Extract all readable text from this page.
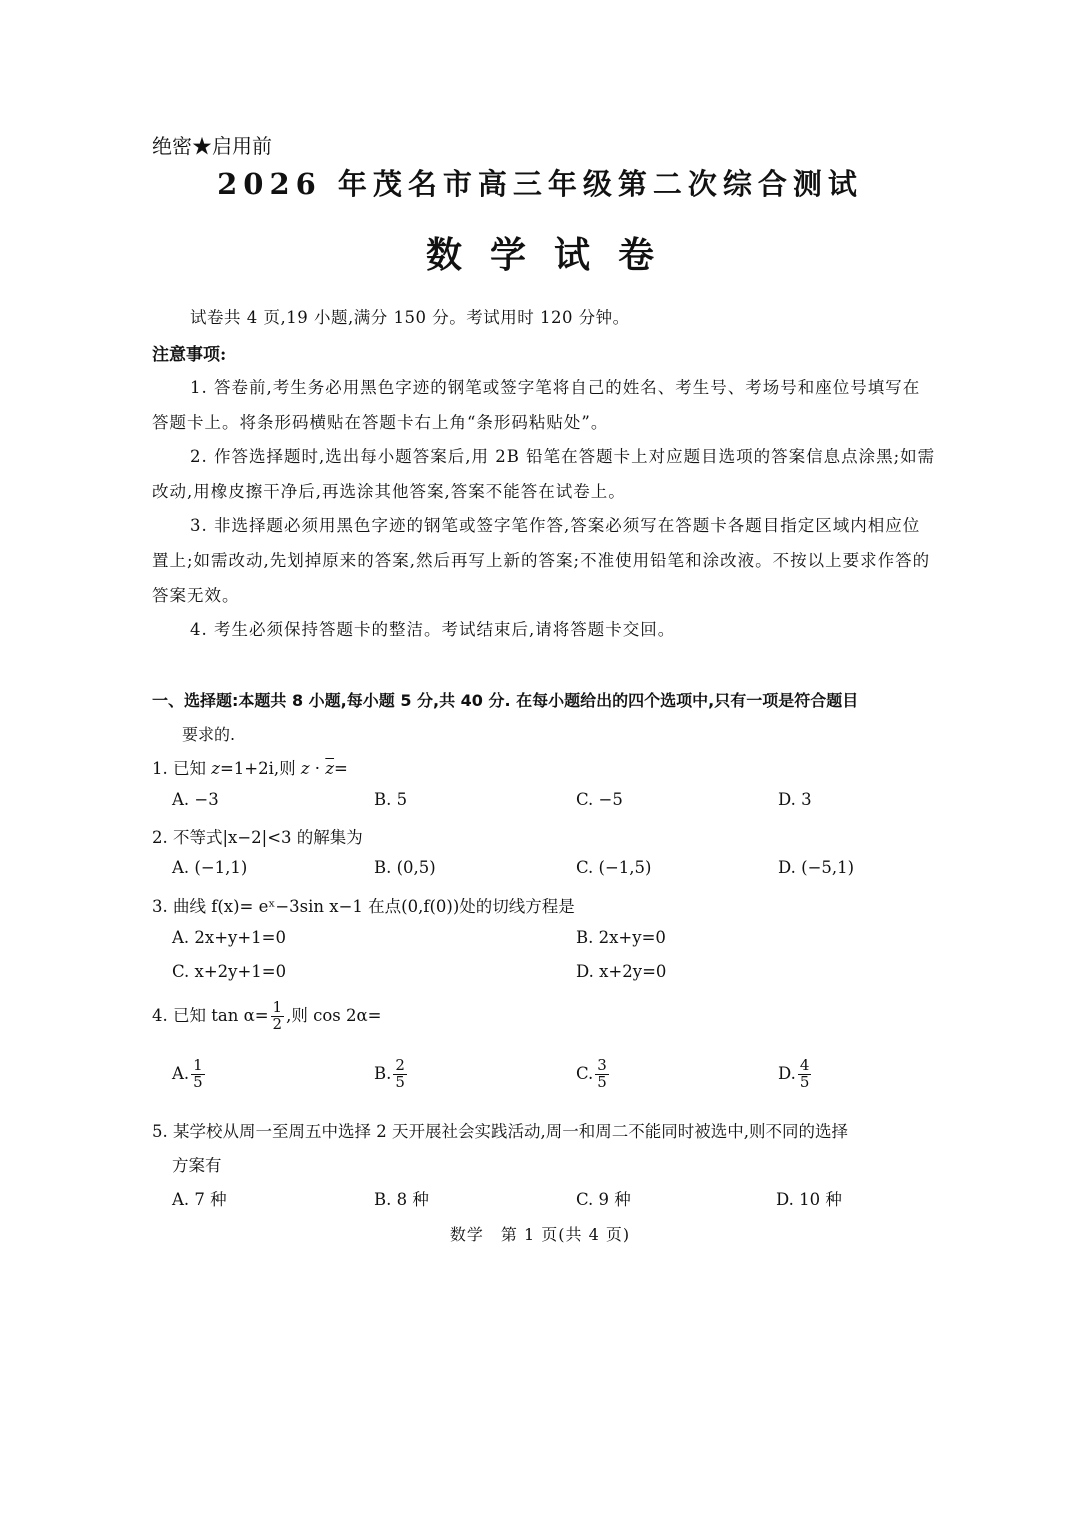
绝密★启用前
2026 年茂名市高三年级第二次综合测试
数学试卷
试卷共 4 页,19 小题,满分 150 分。考试用时 120 分钟。
注意事项:

1. 答卷前,考生务必用黑色字迹的钢笔或签字笔将自己的姓名、考生号、考场号和座位号填写在答题卡上。将条形码横贴在答题卡右上角“条形码粘贴处”。

2. 作答选择题时,选出每小题答案后,用 2B 铅笔在答题卡上对应题目选项的答案信息点涂黑;如需改动,用橡皮擦干净后,再选涂其他答案,答案不能答在试卷上。

3. 非选择题必须用黑色字迹的钢笔或签字笔作答,答案必须写在答题卡各题目指定区域内相应位置上;如需改动,先划掉原来的答案,然后再写上新的答案;不准使用铅笔和涂改液。不按以上要求作答的答案无效。

4. 考生必须保持答题卡的整洁。考试结束后,请将答题卡交回。

一、选择题:本题共 8 小题,每小题 5 分,共 40 分. 在每小题给出的四个选项中,只有一项是符合题目
要求的.
1. 已知 z=1+2i,则 $z \cdot \overline{z}=$
A. −3	B. 5	C. −5	D. 3
2. 不等式|x−2|<3 的解集为
A. (−1,1)	B. (0,5)	C. (−1,5)	D. (−5,1)
3. 曲线 f(x)= eˣ−3sin x−1 在点(0,f(0))处的切线方程是
A. 2x+y+1=0	B. 2x+y=0
C. x+2y+1=0	D. x+2y=0
4. 已知 $\tan \alpha= \frac{1}{2}$ ,则 cos 2α=
A. $\frac{1}{5}$	B. $\frac{2}{5}$	C. $\frac{3}{5}$	D. $\frac{4}{5}$
5. 某学校从周一至周五中选择 2 天开展社会实践活动,周一和周二不能同时被选中,则不同的选择
方案有
A. 7 种	B. 8 种	C. 9 种	D. 10 种
数学　第 1 页(共 4 页)
